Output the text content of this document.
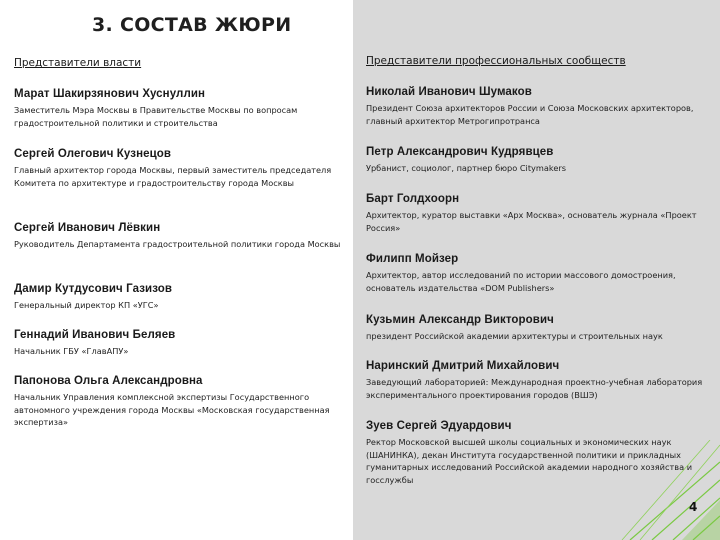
3. СОСТАВ ЖЮРИ
Представители власти
Марат Шакирзянович Хуснуллин
Заместитель Мэра Москвы в Правительстве Москвы по вопросам градостроительной политики и строительства
Сергей Олегович Кузнецов
Главный архитектор города Москвы, первый заместитель председателя Комитета по архитектуре и градостроительству города Москвы
Сергей Иванович Лёвкин
Руководитель Департамента градостроительной политики города Москвы
Дамир Кутдусович Газизов
Генеральный директор КП «УГС»
Геннадий Иванович Беляев
Начальник ГБУ «ГлавАПУ»
Папонова Ольга Александровна
Начальник Управления комплексной экспертизы Государственного автономного учреждения города Москвы «Московская государственная экспертиза»
Представители профессиональных сообществ
Николай Иванович Шумаков
Президент Союза архитекторов России и Союза Московских архитекторов, главный архитектор Метрогипротранса
Петр Александрович Кудрявцев
Урбанист, социолог, партнер бюро Citymakers
Барт Голдхоорн
Архитектор, куратор выставки «Арх Москва», основатель журнала «Проект Россия»
Филипп Мойзер
Архитектор, автор исследований по истории массового домостроения, основатель издательства «DOM Publishers»
Кузьмин Александр Викторович
президент Российской академии архитектуры и строительных наук
Наринский Дмитрий Михайлович
Заведующий лабораторией: Международная проектно-учебная лаборатория экспериментального проектирования городов (ВШЭ)
Зуев Сергей Эдуардович
Ректор Московской высшей школы социальных и экономических наук (ШАНИНКА), декан Института государственной политики и прикладных гуманитарных исследований Российской академии народного хозяйства и госслужбы
4
